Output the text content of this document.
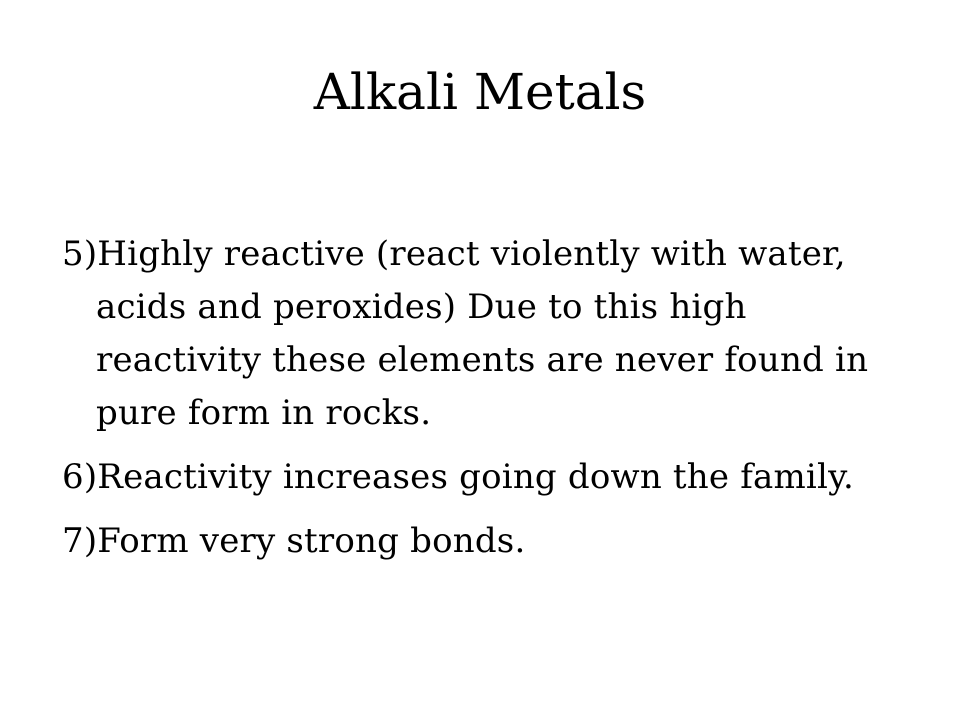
Alkali Metals
5)Highly reactive (react violently with water, acids and peroxides) Due to this high reactivity these elements are never found in pure form in rocks.
6)Reactivity increases going down the family.
7)Form very strong bonds.
